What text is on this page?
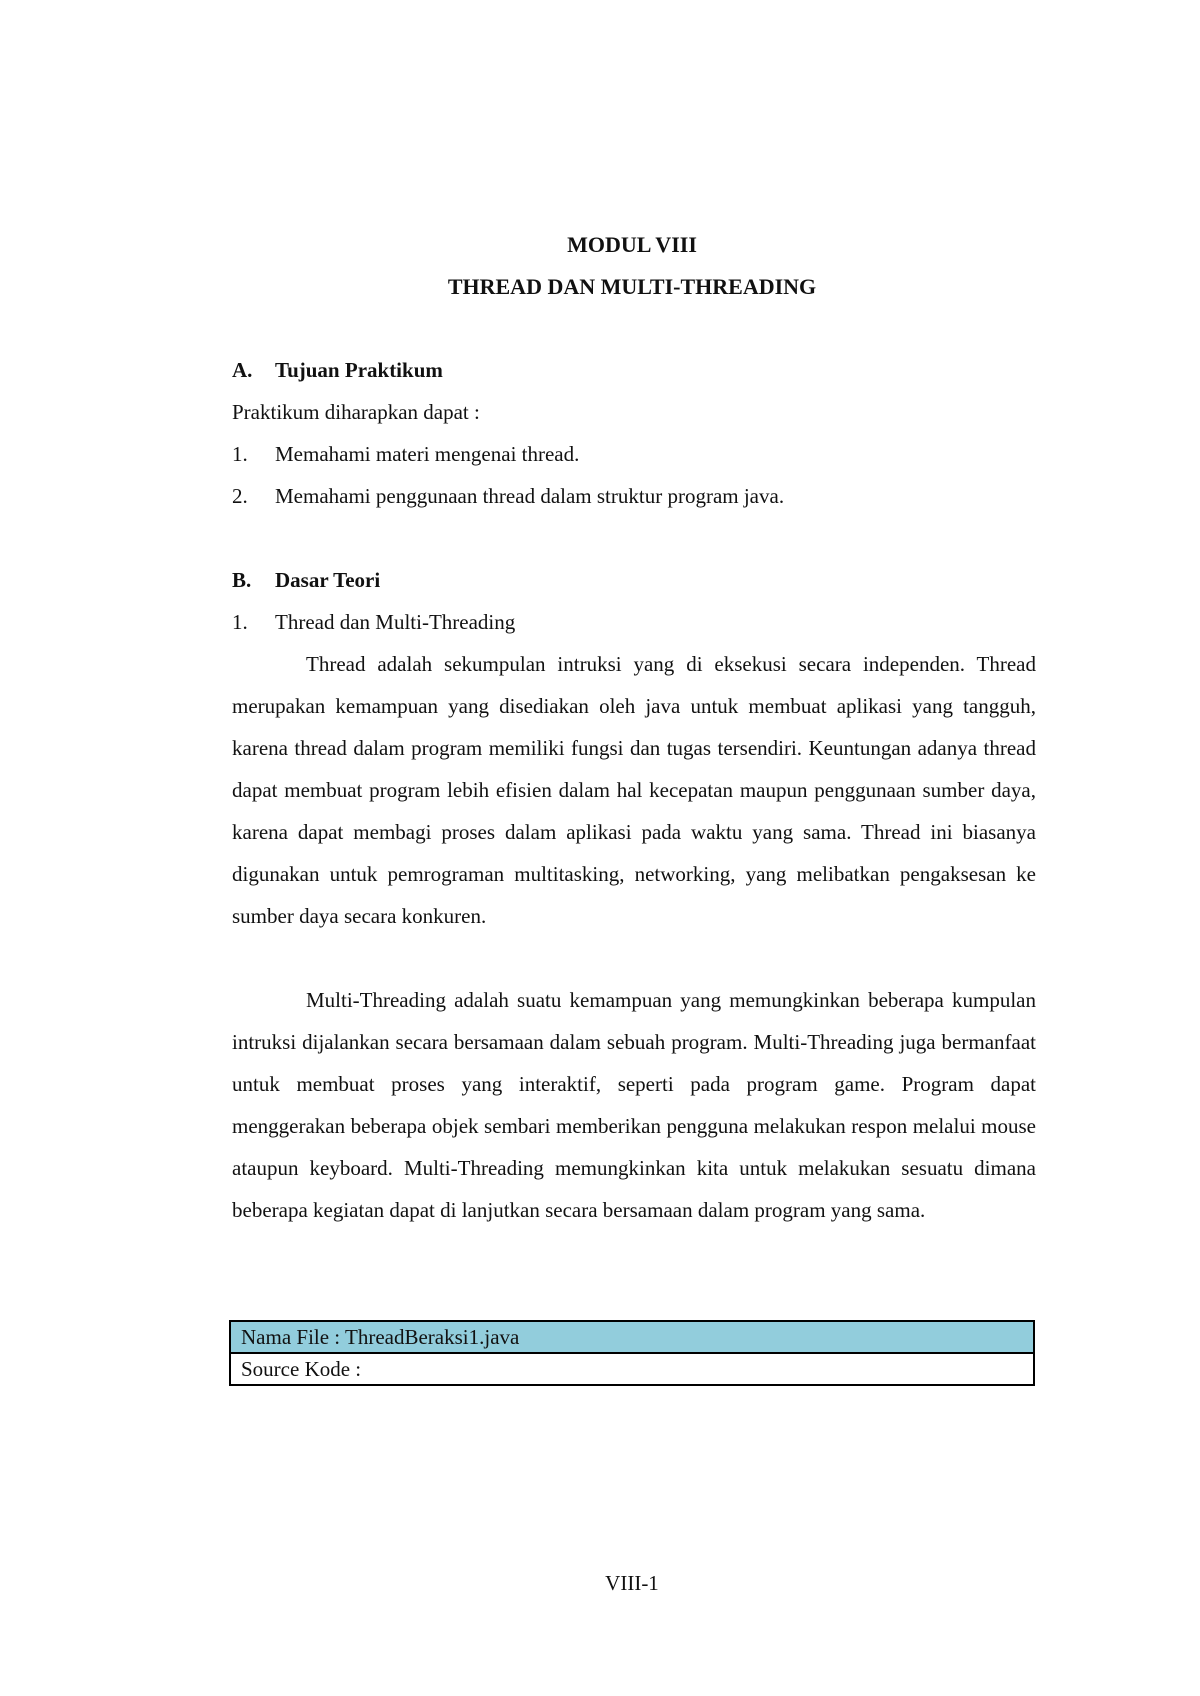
MODUL VIII
THREAD DAN MULTI-THREADING
A. Tujuan Praktikum
Praktikum diharapkan dapat :
1. Memahami materi mengenai thread.
2. Memahami penggunaan thread dalam struktur program java.
B. Dasar Teori
1. Thread dan Multi-Threading

Thread adalah sekumpulan intruksi yang di eksekusi secara independen. Thread merupakan kemampuan yang disediakan oleh java untuk membuat aplikasi yang tangguh, karena thread dalam program memiliki fungsi dan tugas tersendiri. Keuntungan adanya thread dapat membuat program lebih efisien dalam hal kecepatan maupun penggunaan sumber daya, karena dapat membagi proses dalam aplikasi pada waktu yang sama. Thread ini biasanya digunakan untuk pemrograman multitasking, networking, yang melibatkan pengaksesan ke sumber daya secara konkuren.

Multi-Threading adalah suatu kemampuan yang memungkinkan beberapa kumpulan intruksi dijalankan secara bersamaan dalam sebuah program. Multi-Threading juga bermanfaat untuk membuat proses yang interaktif, seperti pada program game. Program dapat menggerakan beberapa objek sembari memberikan pengguna melakukan respon melalui mouse ataupun keyboard. Multi-Threading memungkinkan kita untuk melakukan sesuatu dimana beberapa kegiatan dapat di lanjutkan secara bersamaan dalam program yang sama.

Nama File : ThreadBeraksi1.java
Source Kode :
VIII-1
